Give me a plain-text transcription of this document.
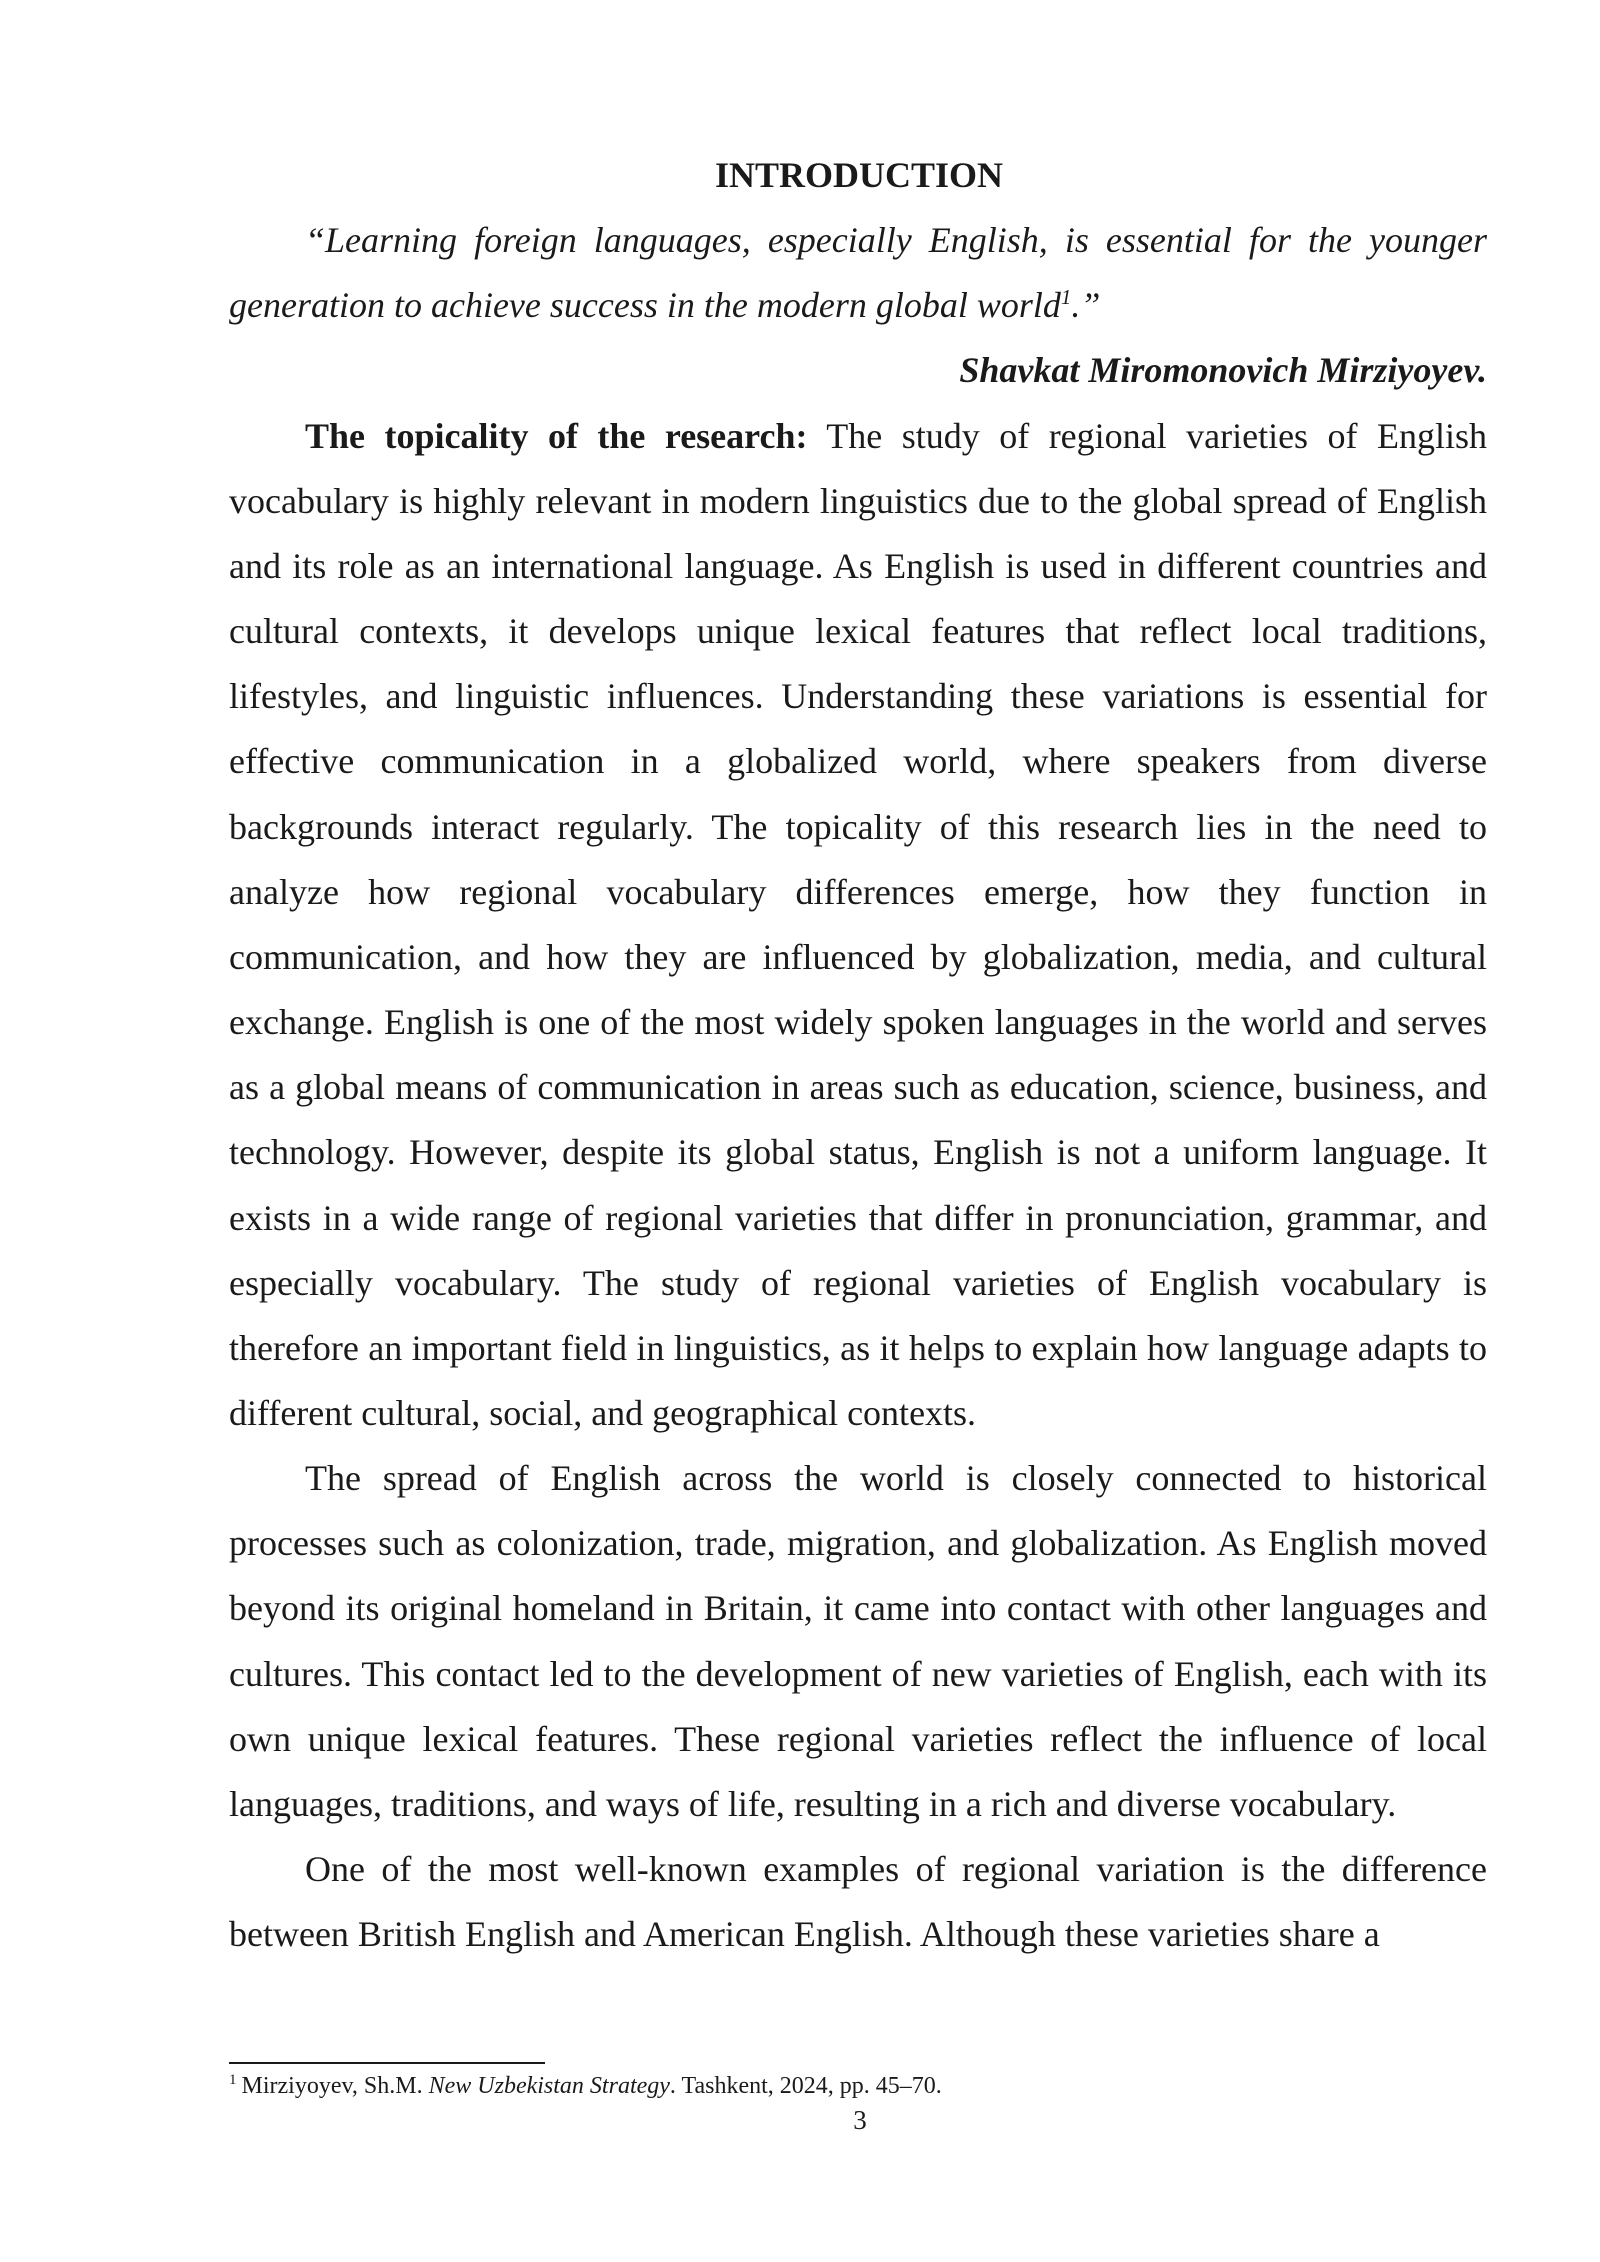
INTRODUCTION

“Learning foreign languages, especially English, is essential for the younger generation to achieve success in the modern global world$^1$.”

Shavkat Miromonovich Mirziyoyev.

The topicality of the research: The study of regional varieties of English vocabulary is highly relevant in modern linguistics due to the global spread of English and its role as an international language. As English is used in different countries and cultural contexts, it develops unique lexical features that reflect local traditions, lifestyles, and linguistic influences. Understanding these variations is essential for effective communication in a globalized world, where speakers from diverse backgrounds interact regularly. The topicality of this research lies in the need to analyze how regional vocabulary differences emerge, how they function in communication, and how they are influenced by globalization, media, and cultural exchange. English is one of the most widely spoken languages in the world and serves as a global means of communication in areas such as education, science, business, and technology. However, despite its global status, English is not a uniform language. It exists in a wide range of regional varieties that differ in pronunciation, grammar, and especially vocabulary. The study of regional varieties of English vocabulary is therefore an important field in linguistics, as it helps to explain how language adapts to different cultural, social, and geographical contexts.

The spread of English across the world is closely connected to historical processes such as colonization, trade, migration, and globalization. As English moved beyond its original homeland in Britain, it came into contact with other languages and cultures. This contact led to the development of new varieties of English, each with its own unique lexical features. These regional varieties reflect the influence of local languages, traditions, and ways of life, resulting in a rich and diverse vocabulary.

One of the most well-known examples of regional variation is the difference between British English and American English. Although these varieties share a

$^1$ Mirziyoyev, Sh.M. New Uzbekistan Strategy. Tashkent, 2024, pp. 45–70.

3
